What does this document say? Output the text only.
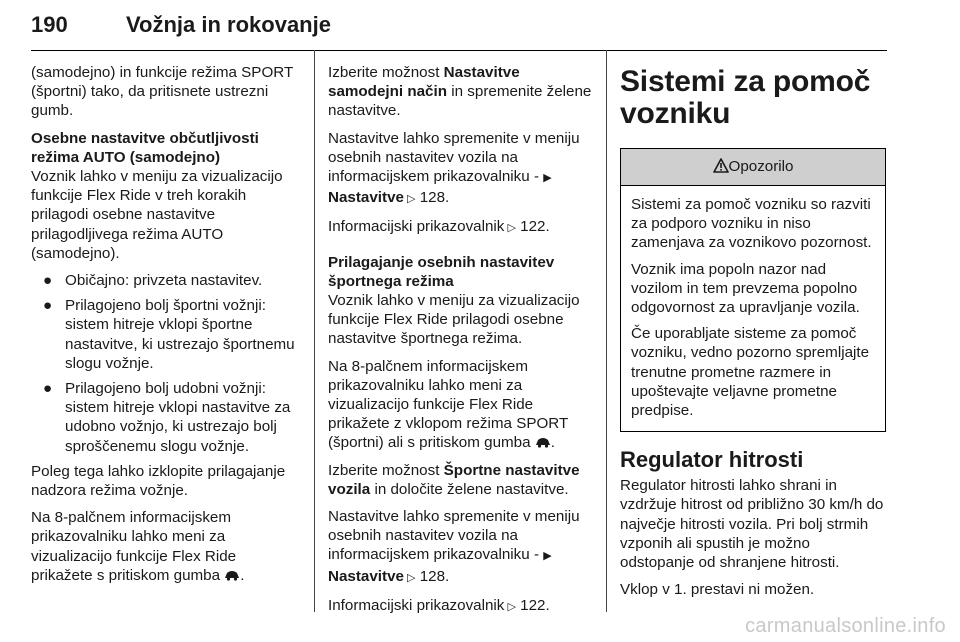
190	Vožnja in rokovanje

(samodejno) in funkcije režima SPORT (športni) tako, da pritisnete ustrezni gumb.

Osebne nastavitve občutljivosti režima AUTO (samodejno)

Voznik lahko v meniju za vizualizacijo funkcije Flex Ride v treh korakih prilagodi osebne nastavitve prilagodljivega režima AUTO (samodejno).

● Običajno: privzeta nastavitev.
● Prilagojeno bolj športni vožnji: sistem hitreje vklopi športne nastavitve, ki ustrezajo športnemu slogu vožnje.
● Prilagojeno bolj udobni vožnji: sistem hitreje vklopi nastavitve za udobno vožnjo, ki ustrezajo bolj sproščenemu slogu vožnje.

Poleg tega lahko izklopite prilagajanje nadzora režima vožnje.

Na 8-palčnem informacijskem prikazovalniku lahko meni za vizualizacijo funkcije Flex Ride prikažete s pritiskom gumba .

Izberite možnost Nastavitve samodejni način in spremenite želene nastavitve.

Nastavitve lahko spremenite v meniju osebnih nastavitev vozila na informacijskem prikazovalniku - ▶ Nastavitve ▷ 128.

Informacijski prikazovalnik ▷ 122.

Prilagajanje osebnih nastavitev športnega režima

Voznik lahko v meniju za vizualizacijo funkcije Flex Ride prilagodi osebne nastavitve športnega režima.

Na 8-palčnem informacijskem prikazovalniku lahko meni za vizualizacijo funkcije Flex Ride prikažete z vklopom režima SPORT (športni) ali s pritiskom gumba .

Izberite možnost Športne nastavitve vozila in določite želene nastavitve.

Nastavitve lahko spremenite v meniju osebnih nastavitev vozila na informacijskem prikazovalniku - ▶ Nastavitve ▷ 128.

Informacijski prikazovalnik ▷ 122.

Sistemi za pomoč vozniku
Opozorilo

Sistemi za pomoč vozniku so razviti za podporo vozniku in niso zamenjava za voznikovo pozornost.

Voznik ima popoln nazor nad vozilom in tem prevzema popolno odgovornost za upravljanje vozila.

Če uporabljate sisteme za pomoč vozniku, vedno pozorno spremljajte trenutne prometne razmere in upoštevajte veljavne prometne predpise.

Regulator hitrosti

Regulator hitrosti lahko shrani in vzdržuje hitrost od približno 30 km/h do največje hitrosti vozila. Pri bolj strmih vzponih ali spustih je možno odstopanje od shranjene hitrosti.

Vklop v 1. prestavi ni možen.

carmanualsonline.info
